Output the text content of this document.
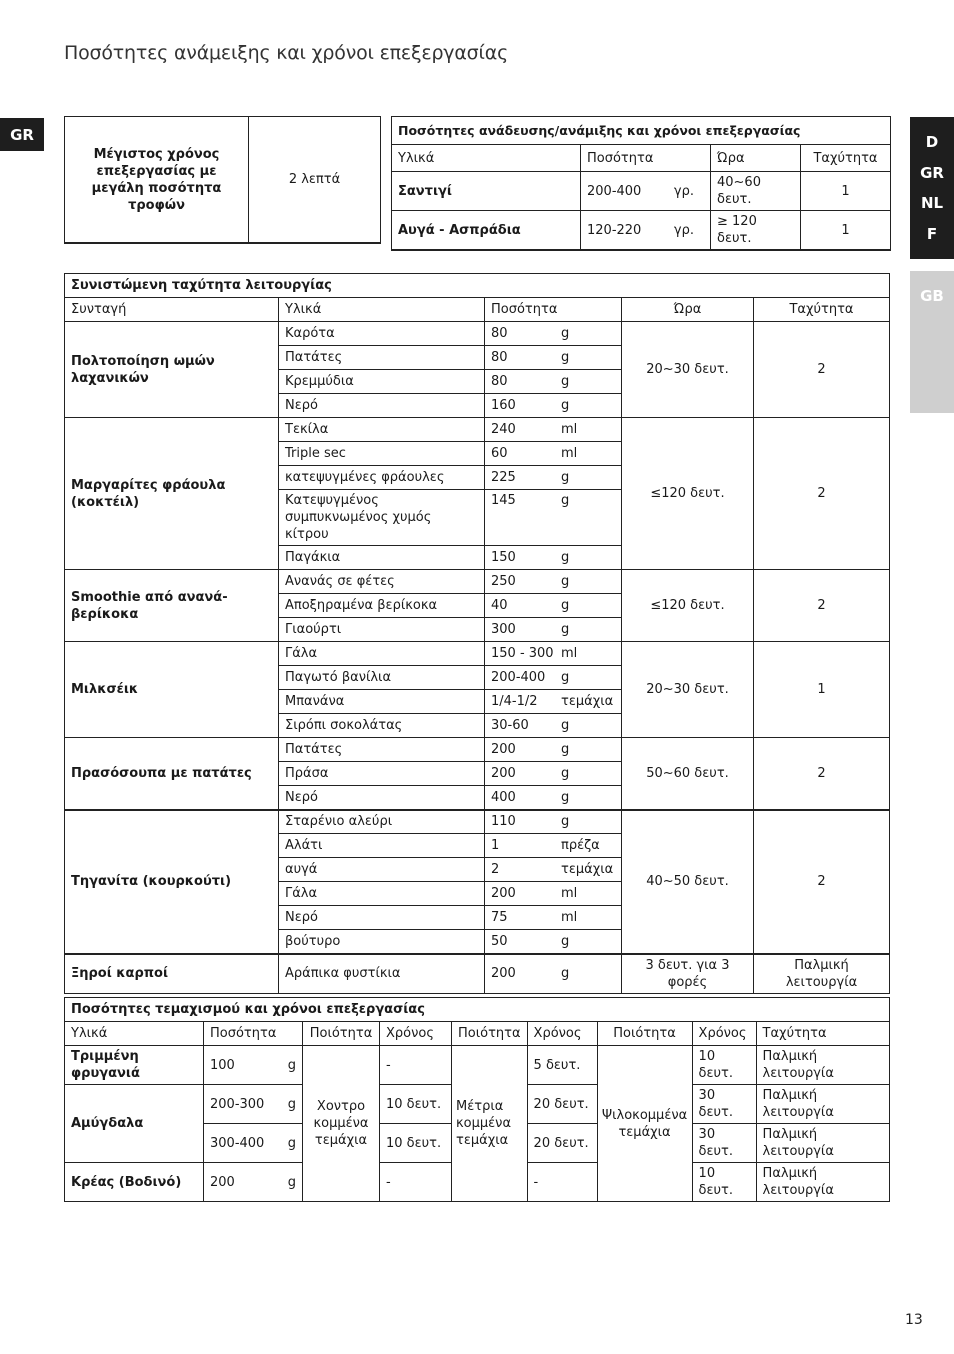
Ποσότητες ανάμειξης και χρόνοι επεξεργασίας
GR	D
GR
NL
F
GB
Μέγιστος χρόνος επεξεργασίας με μεγάλη ποσότητα τροφών	2 λεπτά
Ποσότητες ανάδευσης/ανάμιξης και χρόνοι επεξεργασίας			
Υλικά	Ποσότητα	Ώρα	Ταχύτητα
Σαντιγί	200-400 γρ.	40~60 δευτ.	1
Αυγά - Ασπράδια	120-220 γρ.	≥ 120 δευτ.	1
Συνιστώμενη ταχύτητα λειτουργίας				
Συνταγή	Υλικά	Ποσότητα	Ώρα	Ταχύτητα
Πολτοποίηση ωμών λαχανικών	Καρότα	80 g	20~30 δευτ.	2
	Πατάτες	80 g		

	Κρεμμύδια	80 g		

	Νερό	160 g		

Μαργαρίτες φράουλα (κοκτέιλ)	Τεκίλα	240 ml	≤120 δευτ.	2
	Triple sec	60 ml		

	κατεψυγμένες φράουλες	225 g		

	Κατεψυγμένος συμπυκνωμένος χυμός κίτρου	145 g		

	Παγάκια	150 g		

Smoothie από ανανά-βερίκοκα	Ανανάς σε φέτες	250 g	≤120 δευτ.	2
	Αποξηραμένα βερίκοκα	40 g		

	Γιαούρτι	300 g		

Μιλκσέικ	Γάλα	150 - 300 ml	20~30 δευτ.	1
	Παγωτό βανίλια	200-400 g		

	Μπανάνα	1/4-1/2 τεμάχια		

	Σιρόπι σοκολάτας	30-60 g		

Πρασόσουπα με πατάτες	Πατάτες	200 g	50~60 δευτ.	2
	Πράσα	200 g		

	Νερό	400 g		

Τηγανίτα (κουρκούτι)	Σταρένιο αλεύρι	110 g	40~50 δευτ.	2
	Αλάτι	1 πρέζα		

	αυγά	2 τεμάχια		

	Γάλα	200 ml		

	Νερό	75 ml		

	βούτυρο	50 g		

Ξηροί καρποί	Αράπικα φυστίκια	200 g	3 δευτ. για 3 φορές	Παλμική λειτουργία
Ποσότητες τεμαχισμού και χρόνοι επεξεργασίας								
Υλικά	Ποσότητα	Ποιότητα	Χρόνος	Ποιότητα	Χρόνος	Ποιότητα	Χρόνος	Ταχύτητα
Τριμμένη φρυγανιά	100 g	Χοντρο κομμένα τεμάχια	-	Μέτρια κομμένα τεμάχια	5 δευτ.	Ψιλοκομμένα τεμάχια	10 δευτ.	Παλμική λειτουργία
Αμύγδαλα	200-300 g		10 δευτ.		20 δευτ.		30 δευτ.	Παλμική λειτουργία

	300-400 g		10 δευτ.		20 δευτ.		30 δευτ.	Παλμική λειτουργία
Κρέας (Βοδινό)	200 g		-		-		10 δευτ.	Παλμική λειτουργία
13
